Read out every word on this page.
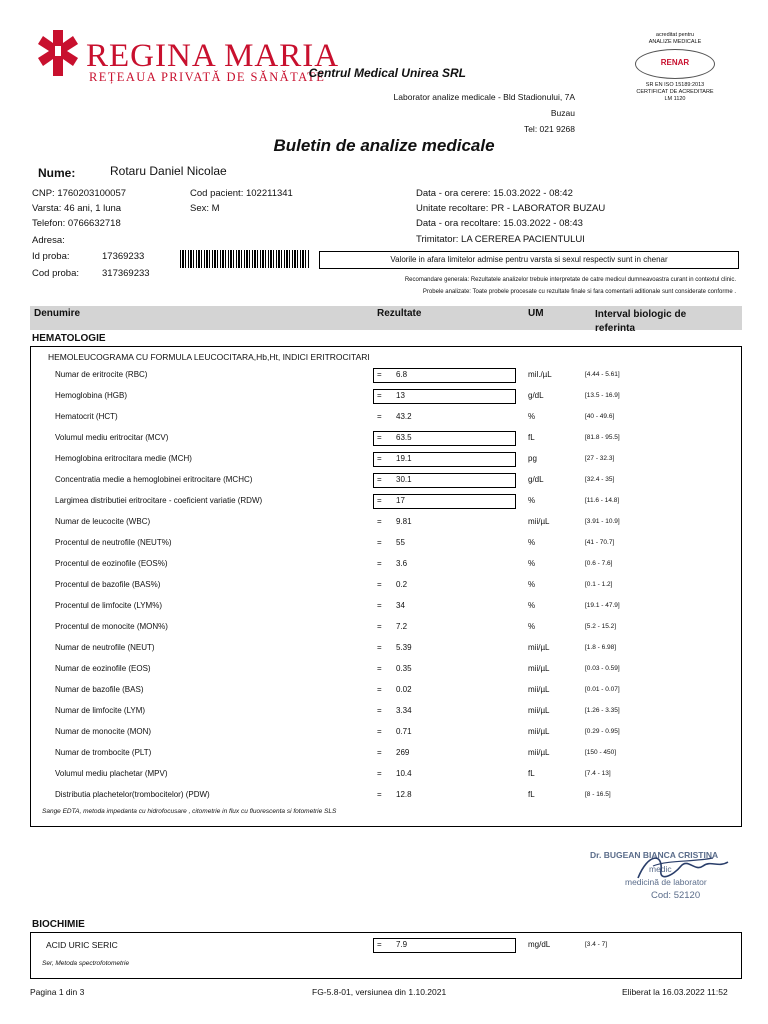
REGINA MARIA
REȚEAUA PRIVATĂ DE SĂNĂTATE
Centrul Medical Unirea SRL
Laborator analize medicale - Bld Stadionului, 7A
Buzau
Tel: 021 9268
acreditat pentru
ANALIZE MEDICALE
RENAR
SR EN ISO 15189:2013
CERTIFICAT DE ACREDITARE
LM 1120
Buletin de analize medicale
Nume:	Rotaru Daniel Nicolae
CNP: 1760203100057
Varsta: 46 ani, 1 luna
Telefon: 0766632718
Adresa:
Id proba:	17369233
Cod proba: 317369233
Cod pacient: 102211341
Sex: M
Data - ora cerere: 15.03.2022 - 08:42
Unitate recoltare: PR - LABORATOR BUZAU
Data - ora recoltare: 15.03.2022 - 08:43
Trimitator: LA CEREREA PACIENTULUI
Valorile in afara limitelor admise pentru varsta si sexul respectiv sunt in chenar
Recomandare generala: Rezultatele analizelor trebuie interpretate de catre medicul dumneavoastra curant in contextul clinic.
Probele analizate: Toate probele procesate cu rezultate finale si fara comentarii aditionale sunt considerate conforme .
Denumire	Rezultate	UM	Interval biologic de referinta
HEMATOLOGIE
HEMOLEUCOGRAMA CU FORMULA LEUCOCITARA,Hb,Ht, INDICI ERITROCITARI
Numar de eritrocite (RBC)	= 6.8	mil./µL	[4.44 - 5.61]
Hemoglobina (HGB)	= 13	g/dL	[13.5 - 16.9]
Hematocrit (HCT)	= 43.2	%	[40 - 49.6]
Volumul mediu eritrocitar (MCV)	= 63.5	fL	[81.8 - 95.5]
Hemoglobina eritrocitara medie (MCH)	= 19.1	pg	[27 - 32.3]
Concentratia medie a hemoglobinei eritrocitare (MCHC)	= 30.1	g/dL	[32.4 - 35]
Largimea distributiei eritrocitare - coeficient variatie (RDW)	= 17	%	[11.6 - 14.8]
Numar de leucocite (WBC)	= 9.81	mii/µL	[3.91 - 10.9]
Procentul de neutrofile (NEUT%)	= 55	%	[41 - 70.7]
Procentul de eozinofile (EOS%)	= 3.6	%	[0.6 - 7.6]
Procentul de bazofile (BAS%)	= 0.2	%	[0.1 - 1.2]
Procentul de limfocite (LYM%)	= 34	%	[19.1 - 47.9]
Procentul de monocite (MON%)	= 7.2	%	[5.2 - 15.2]
Numar de neutrofile (NEUT)	= 5.39	mii/µL	[1.8 - 6.98]
Numar de eozinofile (EOS)	= 0.35	mii/µL	[0.03 - 0.59]
Numar de bazofile (BAS)	= 0.02	mii/µL	[0.01 - 0.07]
Numar de limfocite (LYM)	= 3.34	mii/µL	[1.26 - 3.35]
Numar de monocite (MON)	= 0.71	mii/µL	[0.29 - 0.95]
Numar de trombocite (PLT)	= 269	mii/µL	[150 - 450]
Volumul mediu plachetar (MPV)	= 10.4	fL	[7.4 - 13]
Distributia plachetelor(trombocitelor) (PDW)	= 12.8	fL	[8 - 16.5]
Sange EDTA, metoda impedanta cu hidrofocusare , citometrie in flux cu fluorescenta si fotometrie SLS
Dr. BUGEAN BIANCA CRISTINA
medic
medicină de laborator
Cod: 52120
BIOCHIMIE
ACID URIC SERIC	= 7.9	mg/dL	[3.4 - 7]
Ser, Metoda spectrofotometrie
Pagina 1 din 3	FG-5.8-01, versiunea din 1.10.2021	Eliberat la 16.03.2022 11:52
